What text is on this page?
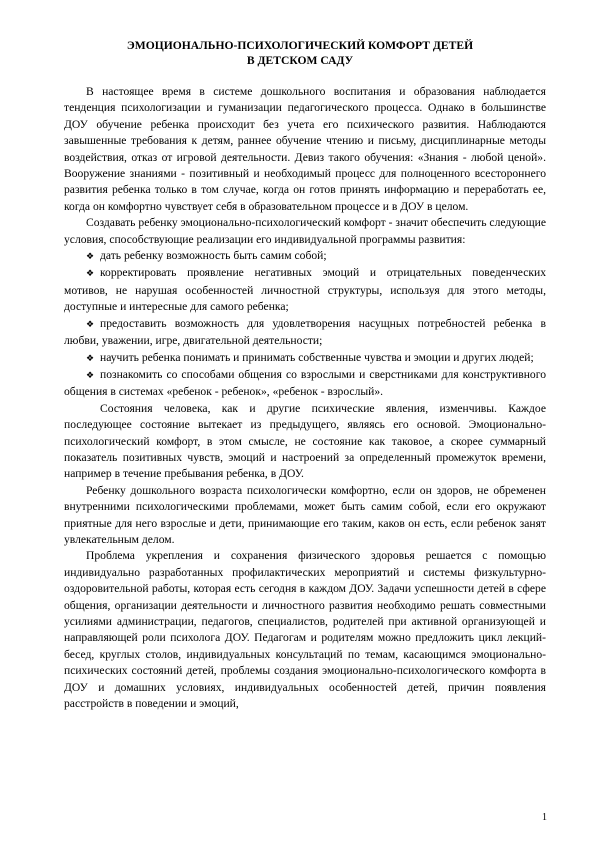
ЭМОЦИОНАЛЬНО-ПСИХОЛОГИЧЕСКИЙ КОМФОРТ ДЕТЕЙ
В ДЕТСКОМ САДУ

В настоящее время в системе дошкольного воспитания и образования наблюдается тенденция психологизации и гуманизации педагогического процесса. Однако в большинстве ДОУ обучение ребенка происходит без учета его психического развития. Наблюдаются завышенные требования к детям, раннее обучение чтению и письму, дисциплинарные методы воздействия, отказ от игровой деятельности. Девиз такого обучения: «Знания - любой ценой». Вооружение знаниями - позитивный и необходимый процесс для полноценного всестороннего развития ребенка только в том случае, когда он готов принять информацию и переработать ее, когда он комфортно чувствует себя в образовательном процессе и в ДОУ в целом.

Создавать ребенку эмоционально-психологический комфорт - значит обеспечить следующие условия, способствующие реализации его индивидуальной программы развития:

❖ дать ребенку возможность быть самим собой;
❖ корректировать проявление негативных эмоций и отрицательных поведенческих мотивов, не нарушая особенностей личностной структуры, используя для этого методы, доступные и интересные для самого ребенка;
❖ предоставить возможность для удовлетворения насущных потребностей ребенка в любви, уважении, игре, двигательной деятельности;
❖ научить ребенка понимать и принимать собственные чувства и эмоции и других людей;
❖ познакомить со способами общения со взрослыми и сверстниками для конструктивного общения в системах «ребенок - ребенок», «ребенок - взрослый».

Состояния человека, как и другие психические явления, изменчивы. Каждое последующее состояние вытекает из предыдущего, являясь его основой. Эмоционально-психологический комфорт, в этом смысле, не состояние как таковое, а скорее суммарный показатель позитивных чувств, эмоций и настроений за определенный промежуток времени, например в течение пребывания ребенка, в ДОУ.

Ребенку дошкольного возраста психологически комфортно, если он здоров, не обременен внутренними психологическими проблемами, может быть самим собой, если его окружают приятные для него взрослые и дети, принимающие его таким, каков он есть, если ребенок занят увлекательным делом.

Проблема укрепления и сохранения физического здоровья решается с помощью индивидуально разработанных профилактических мероприятий и системы физкультурно-оздоровительной работы, которая есть сегодня в каждом ДОУ. Задачи успешности детей в сфере общения, организации деятельности и личностного развития необходимо решать совместными усилиями администрации, педагогов, специалистов, родителей при активной организующей и направляющей роли психолога ДОУ. Педагогам и родителям можно предложить цикл лекций-бесед, круглых столов, индивидуальных консультаций по темам, касающимся эмоционально-психических состояний детей, проблемы создания эмоционально-психологического комфорта в ДОУ и домашних условиях, индивидуальных особенностей детей, причин появления расстройств в поведении и эмоций,

1
